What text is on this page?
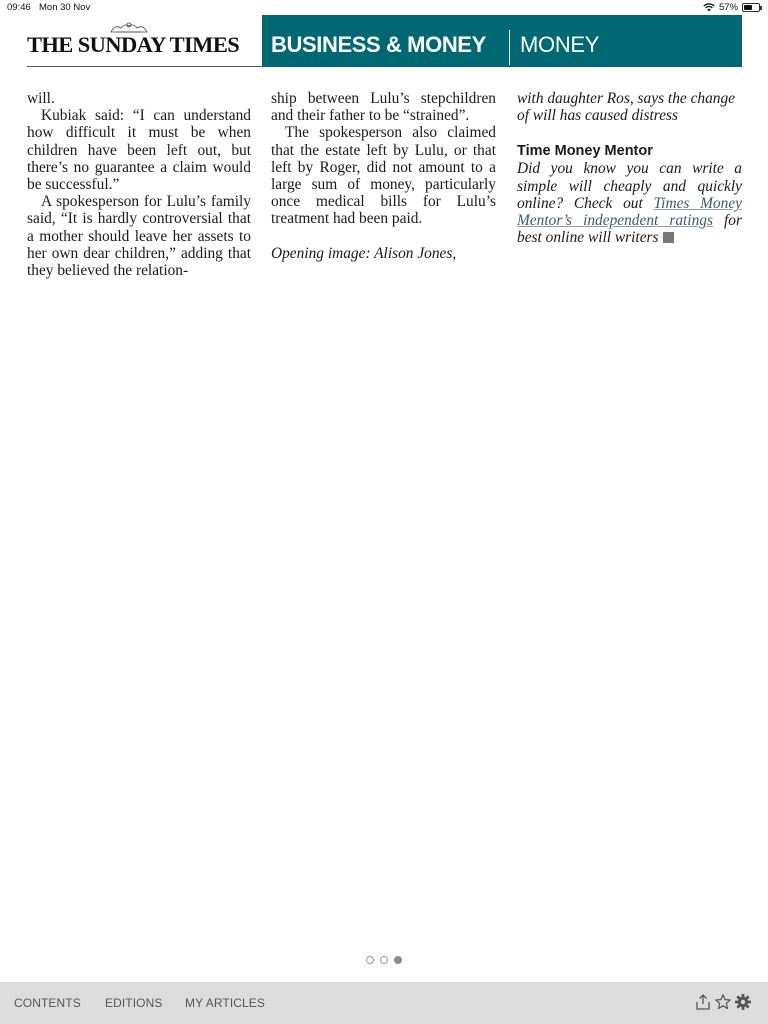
09:46 Mon 30 Nov	57%
THE SUNDAY TIMES BUSINESS & MONEY MONEY

will.

Kubiak said: “I can understand how difficult it must be when children have been left out, but there’s no guarantee a claim would be successful.”

A spokesperson for Lulu’s family said, “It is hardly controversial that a mother should leave her assets to her own dear children,” adding that they believed the relation-

ship between Lulu’s stepchildren and their father to be “strained”.

The spokesperson also claimed that the estate left by Lulu, or that left by Roger, did not amount to a large sum of money, particularly once medical bills for Lulu’s treatment had been paid.

Opening image: Alison Jones,

with daughter Ros, says the change of will has caused distress

Time Money Mentor

Did you know you can write a simple will cheaply and quickly online? Check out Times Money Mentor’s independent ratings for best online will writers

CONTENTS EDITIONS MY ARTICLES
